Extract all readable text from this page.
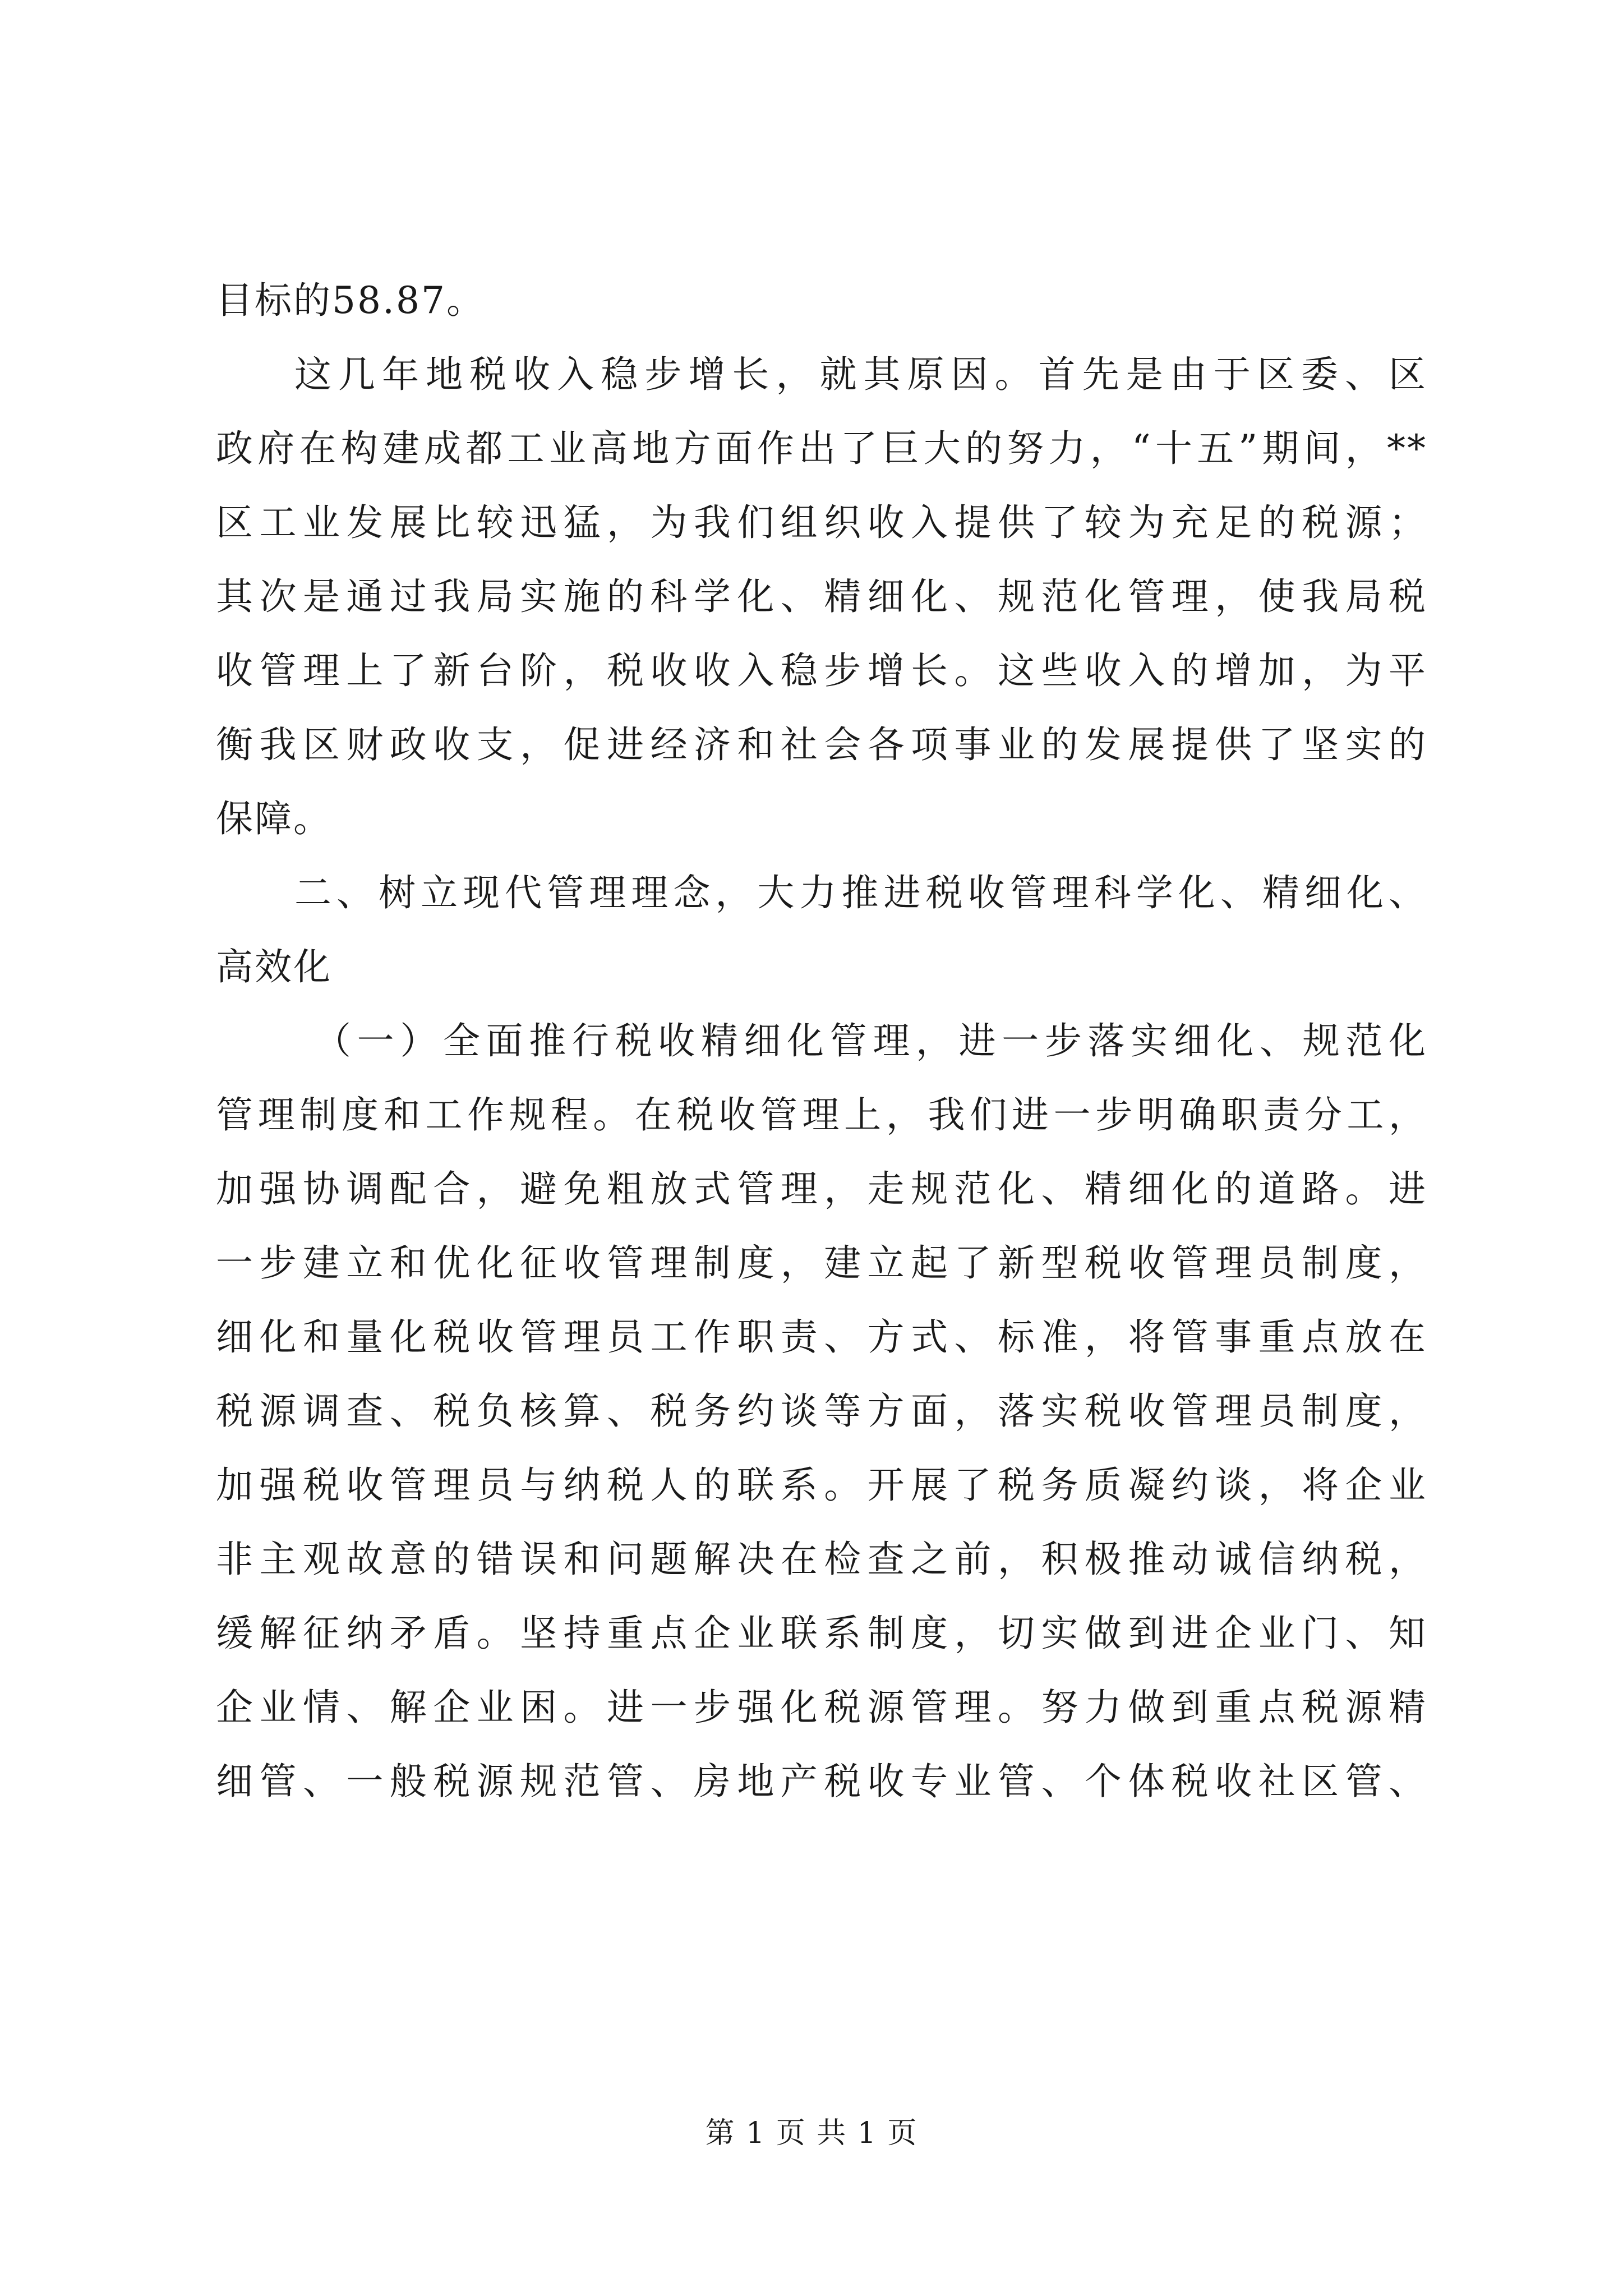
目标的58.87。
这几年地税收入稳步增长，就其原因。首先是由于区委、区
政府在构建成都工业高地方面作出了巨大的努力，“十五”期间，**
区工业发展比较迅猛，为我们组织收入提供了较为充足的税源；
其次是通过我局实施的科学化、精细化、规范化管理，使我局税
收管理上了新台阶，税收收入稳步增长。这些收入的增加，为平
衡我区财政收支，促进经济和社会各项事业的发展提供了坚实的
保障。
二、树立现代管理理念，大力推进税收管理科学化、精细化、
高效化
（一）全面推行税收精细化管理，进一步落实细化、规范化
管理制度和工作规程。在税收管理上，我们进一步明确职责分工，
加强协调配合，避免粗放式管理，走规范化、精细化的道路。进
一步建立和优化征收管理制度，建立起了新型税收管理员制度，
细化和量化税收管理员工作职责、方式、标准，将管事重点放在
税源调查、税负核算、税务约谈等方面，落实税收管理员制度，
加强税收管理员与纳税人的联系。开展了税务质凝约谈，将企业
非主观故意的错误和问题解决在检查之前，积极推动诚信纳税，
缓解征纳矛盾。坚持重点企业联系制度，切实做到进企业门、知
企业情、解企业困。进一步强化税源管理。努力做到重点税源精
细管、一般税源规范管、房地产税收专业管、个体税收社区管、
第 1 页 共 1 页
